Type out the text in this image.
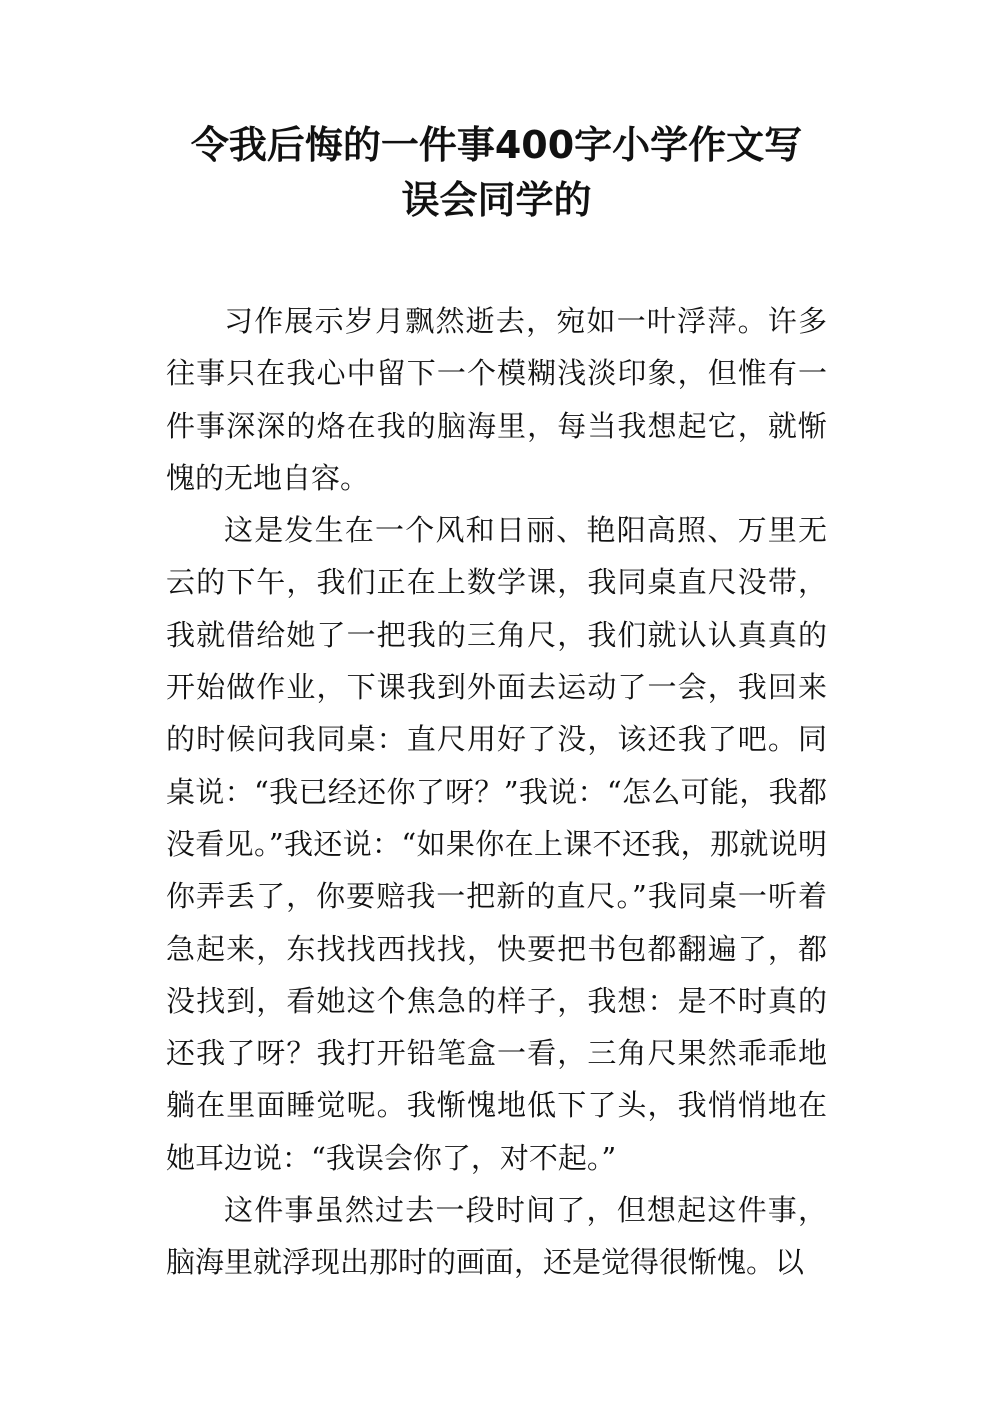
令我后悔的一件事400字小学作文写
误会同学的

习作展示岁月飘然逝去，宛如一叶浮萍。许多往事只在我心中留下一个模糊浅淡印象，但惟有一件事深深的烙在我的脑海里，每当我想起它，就惭愧的无地自容。

这是发生在一个风和日丽、艳阳高照、万里无云的下午，我们正在上数学课，我同桌直尺没带，我就借给她了一把我的三角尺，我们就认认真真的开始做作业，下课我到外面去运动了一会，我回来的时候问我同桌：直尺用好了没，该还我了吧。同桌说：“我已经还你了呀？”我说：“怎么可能，我都没看见。”我还说：“如果你在上课不还我，那就说明你弄丢了，你要赔我一把新的直尺。”我同桌一听着急起来，东找找西找找，快要把书包都翻遍了，都没找到，看她这个焦急的样子，我想：是不时真的还我了呀？我打开铅笔盒一看，三角尺果然乖乖地躺在里面睡觉呢。我惭愧地低下了头，我悄悄地在她耳边说：“我误会你了，对不起。”

这件事虽然过去一段时间了，但想起这件事，脑海里就浮现出那时的画面，还是觉得很惭愧。以
